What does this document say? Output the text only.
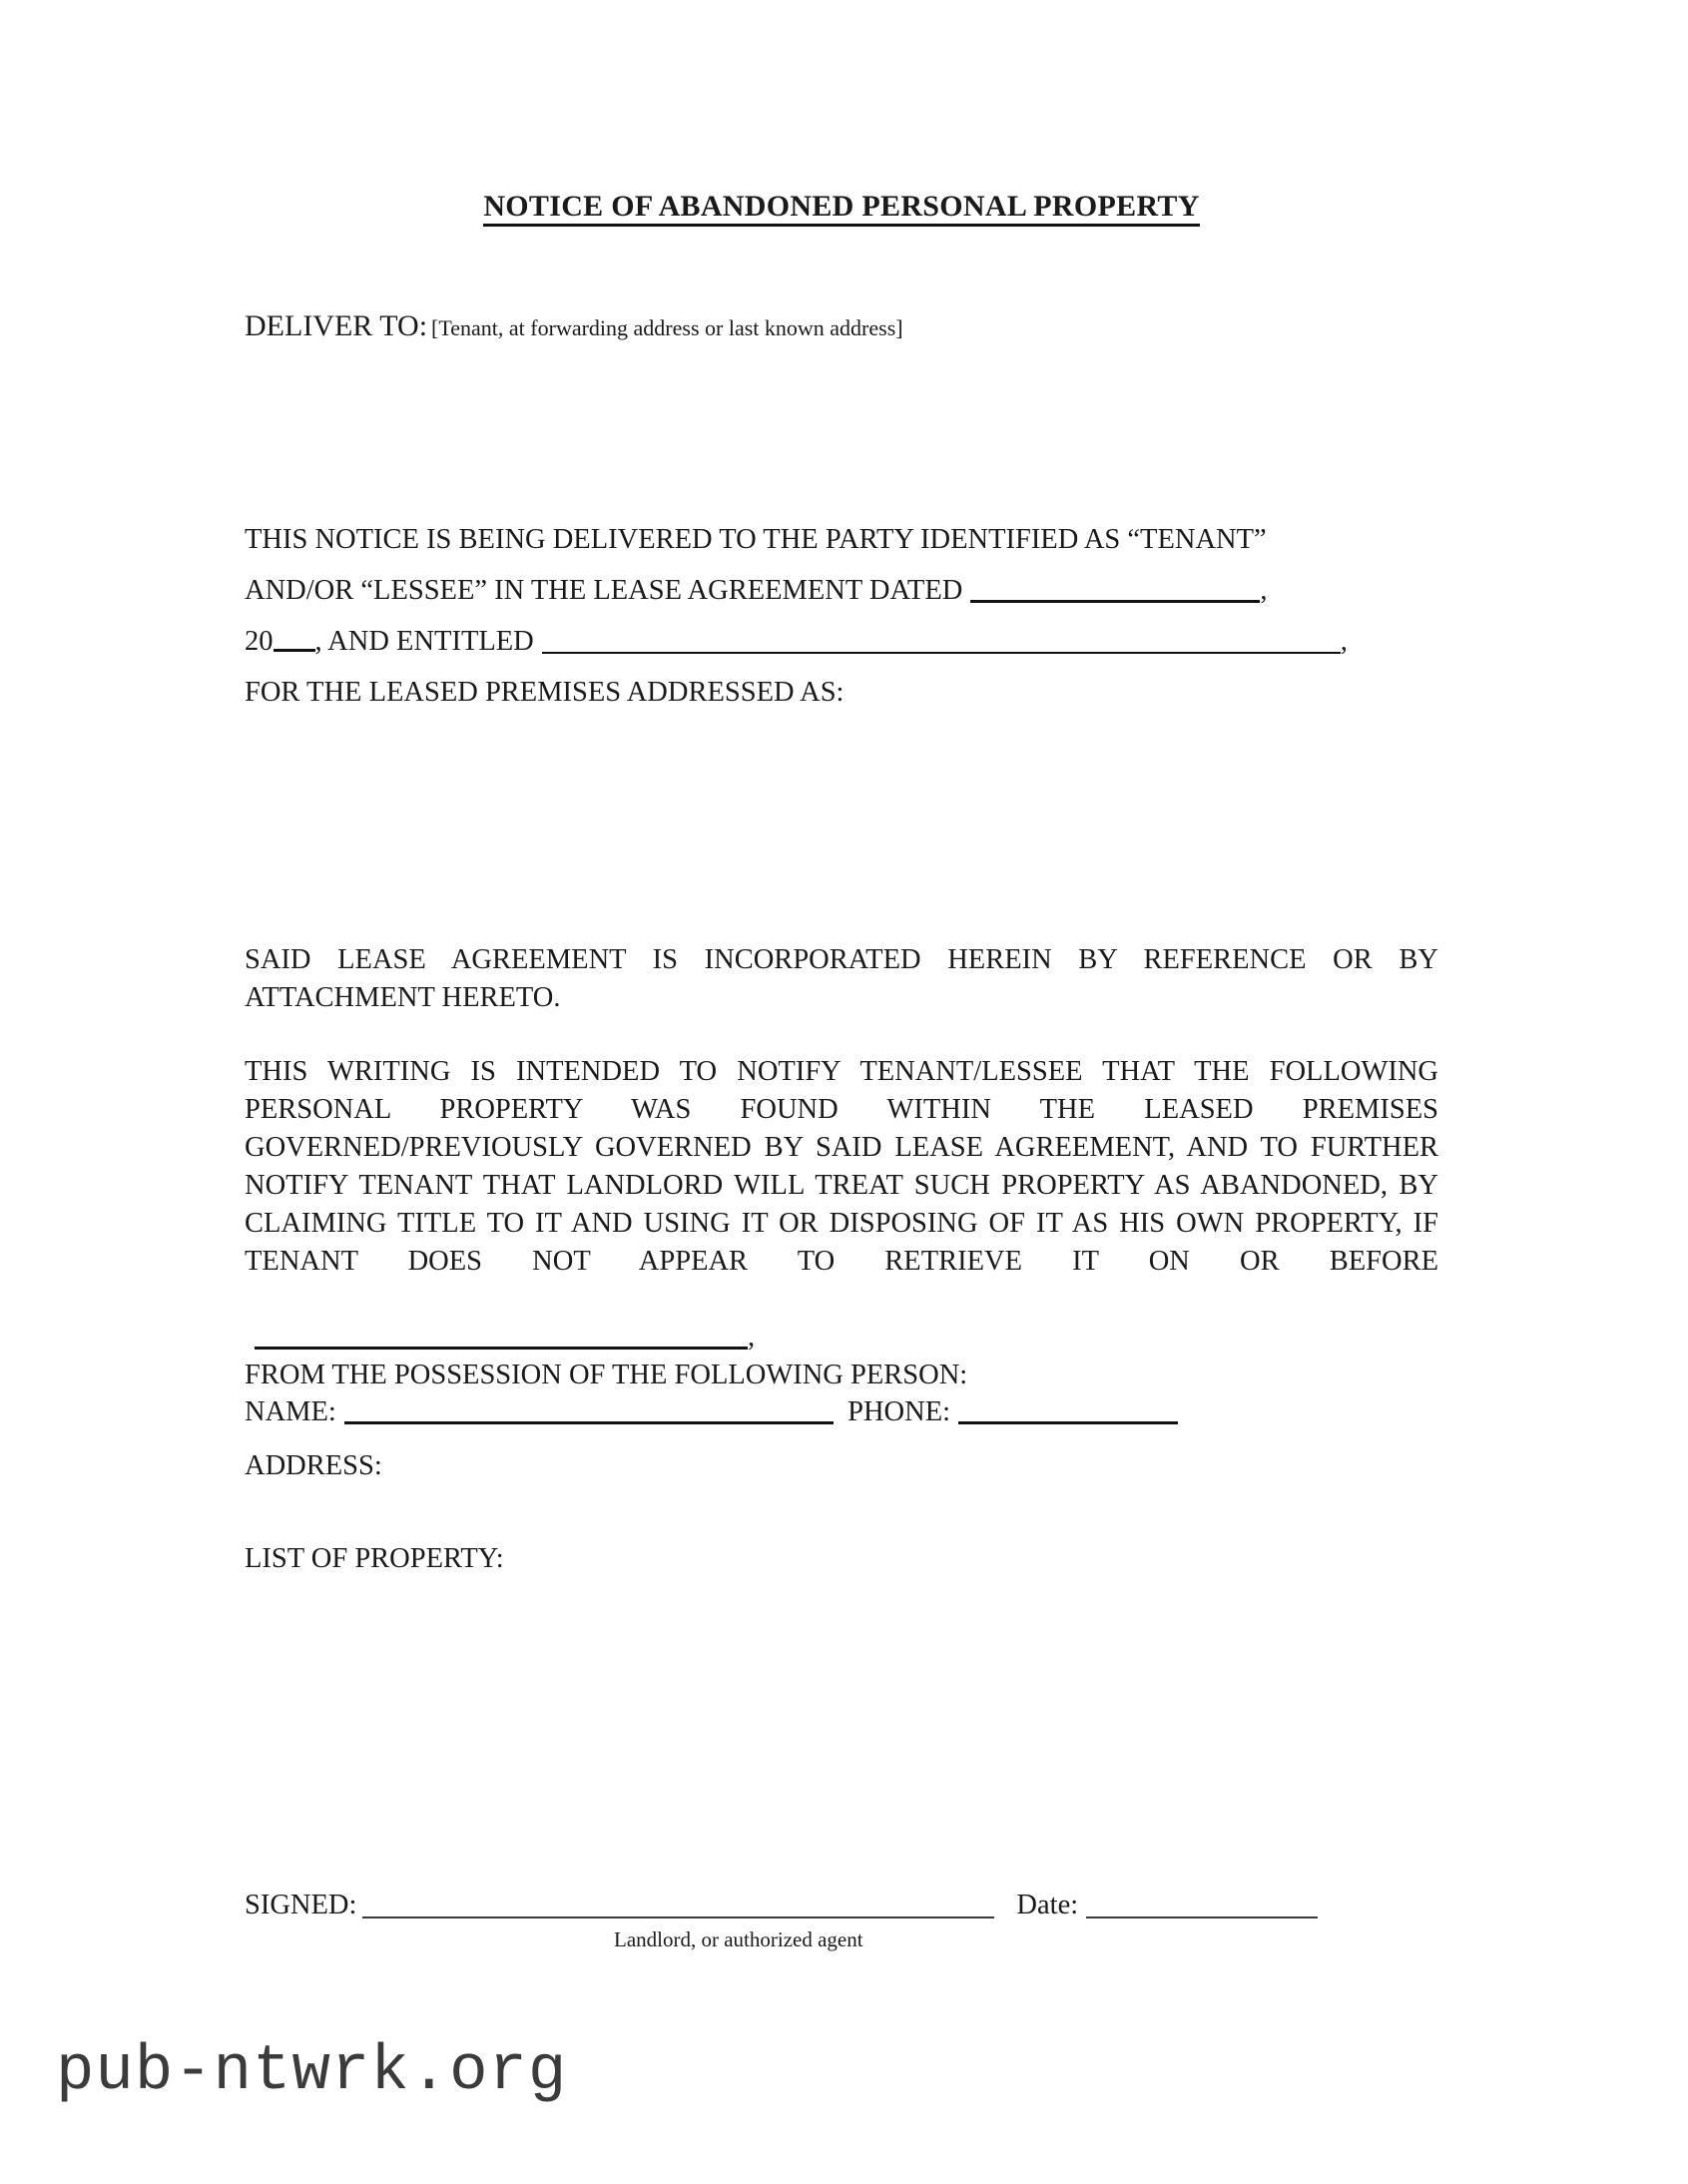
NOTICE OF ABANDONED PERSONAL PROPERTY
DELIVER TO: [Tenant, at forwarding address or last known address]
THIS NOTICE IS BEING DELIVERED TO THE PARTY IDENTIFIED AS “TENANT”
AND/OR “LESSEE” IN THE LEASE AGREEMENT DATED	,
20 , AND ENTITLED	,
FOR THE LEASED PREMISES ADDRESSED AS:
SAID LEASE AGREEMENT IS INCORPORATED HEREIN BY REFERENCE OR BY ATTACHMENT HERETO.
THIS WRITING IS INTENDED TO NOTIFY TENANT/LESSEE THAT THE FOLLOWING PERSONAL PROPERTY WAS FOUND WITHIN THE LEASED PREMISES GOVERNED/PREVIOUSLY GOVERNED BY SAID LEASE AGREEMENT, AND TO FURTHER NOTIFY TENANT THAT LANDLORD WILL TREAT SUCH PROPERTY AS ABANDONED, BY CLAIMING TITLE TO IT AND USING IT OR DISPOSING OF IT AS HIS OWN PROPERTY, IF TENANT DOES NOT APPEAR TO RETRIEVE IT ON OR BEFORE,
FROM THE POSSESSION OF THE FOLLOWING PERSON:
NAME:	PHONE:
ADDRESS:
LIST OF PROPERTY:
SIGNED:	Date:
Landlord, or authorized agent
pub-ntwrk.org
